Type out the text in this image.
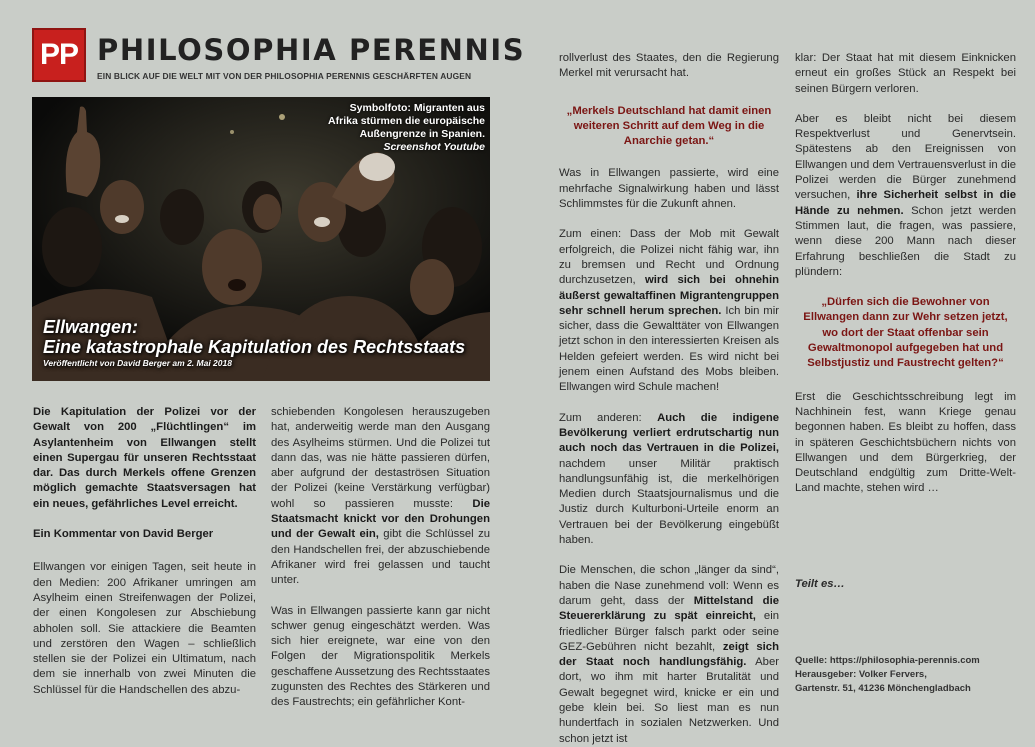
PP PHILOSOPHIA PERENNIS
EIN BLICK AUF DIE WELT MIT VON DER PHILOSOPHIA PERENNIS GESCHÄRFTEN AUGEN
Symbolfoto: Migranten aus
Afrika stürmen die europäische
Außengrenze in Spanien.
Screenshot Youtube
Ellwangen:
Eine katastrophale Kapitulation des Rechtsstaats
Veröffentlicht von David Berger am 2. Mai 2018

Die Kapitulation der Polizei vor der Gewalt von 200 „Flüchtlingen“ im Asylantenheim von Ellwangen stellt einen Supergau für unseren Rechtsstaat dar. Das durch Merkels offene Grenzen möglich gemachte Staatsversagen hat ein neues, gefährliches Level erreicht.

Ein Kommentar von David Berger

Ellwangen vor einigen Tagen, seit heute in den Medien: 200 Afrikaner umringen am Asylheim einen Streifenwagen der Polizei, der einen Kongolesen zur Abschiebung abholen soll. Sie attackiere die Beamten und zerstören den Wagen – schließlich stellen sie der Polizei ein Ultimatum, nach dem sie innerhalb von zwei Minuten die Schlüssel für die Handschellen des abzu-

schiebenden Kongolesen herauszugeben hat, anderweitig werde man den Ausgang des Asylheims stürmen. Und die Polizei tut dann das, was nie hätte passieren dürfen, aber aufgrund der destaströsen Situation der Polizei (keine Verstärkung verfügbar) wohl so passieren musste: Die Staatsmacht knickt vor den Drohungen und der Gewalt ein, gibt die Schlüssel zu den Handschellen frei, der abzuschiebende Afrikaner wird frei gelassen und taucht unter.

Was in Ellwangen passierte kann gar nicht schwer genug eingeschätzt werden. Was sich hier ereignete, war eine von den Folgen der Migrationspolitik Merkels geschaffene Aussetzung des Rechtsstaates zugunsten des Rechtes des Stärkeren und des Faustrechts; ein gefährlicher Kont-

rollverlust des Staates, den die Regierung Merkel mit verursacht hat.

„Merkels Deutschland hat damit einen weiteren Schritt auf dem Weg in die Anarchie getan.“

Was in Ellwangen passierte, wird eine mehrfache Signalwirkung haben und lässt Schlimmstes für die Zukunft ahnen.

Zum einen: Dass der Mob mit Gewalt erfolgreich, die Polizei nicht fähig war, ihn zu bremsen und Recht und Ordnung durchzusetzen, wird sich bei ohnehin äußerst gewaltaffinen Migrantengruppen sehr schnell herum sprechen. Ich bin mir sicher, dass die Gewalttäter von Ellwangen jetzt schon in den interessierten Kreisen als Helden gefeiert werden. Es wird nicht bei jenem einen Aufstand des Mobs bleiben. Ellwangen wird Schule machen!

Zum anderen: Auch die indigene Bevölkerung verliert erdrutschartig nun auch noch das Vertrauen in die Polizei, nachdem unser Militär praktisch handlungsunfähig ist, die merkelhörigen Medien durch Staatsjournalismus und die Justiz durch Kulturboni-Urteile enorm an Vertrauen bei der Bevölkerung eingebüßt haben.

Die Menschen, die schon „länger da sind“, haben die Nase zunehmend voll: Wenn es darum geht, dass der Mittelstand die Steuererklärung zu spät einreicht, ein friedlicher Bürger falsch parkt oder seine GEZ-Gebühren nicht bezahlt, zeigt sich der Staat noch handlungsfähig. Aber dort, wo ihm mit harter Brutalität und Gewalt begegnet wird, knicke er ein und gebe klein bei. So liest man es nun hundertfach in sozialen Netzwerken. Und schon jetzt ist

klar: Der Staat hat mit diesem Einknicken erneut ein großes Stück an Respekt bei seinen Bürgern verloren.

Aber es bleibt nicht bei diesem Respektverlust und Genervtsein. Spätestens ab den Ereignissen von Ellwangen und dem Vertrauensverlust in die Polizei werden die Bürger zunehmend versuchen, ihre Sicherheit selbst in die Hände zu nehmen. Schon jetzt werden Stimmen laut, die fragen, was passiere, wenn diese 200 Mann nach dieser Erfahrung beschließen die Stadt zu plündern:

„Dürfen sich die Bewohner von Ellwangen dann zur Wehr setzen jetzt, wo dort der Staat offenbar sein Gewaltmonopol aufgegeben hat und Selbstjustiz und Faustrecht gelten?“

Erst die Geschichtsschreibung legt im Nachhinein fest, wann Kriege genau begonnen haben. Es bleibt zu hoffen, dass in späteren Geschichtsbüchern nichts von Ellwangen und dem Bürgerkrieg, der Deutschland endgültig zum Dritte-Welt-Land machte, stehen wird …

Teilt es…

Quelle: https://philosophia-perennis.com
Herausgeber: Volker Fervers,
Gartenstr. 51, 41236 Mönchengladbach
